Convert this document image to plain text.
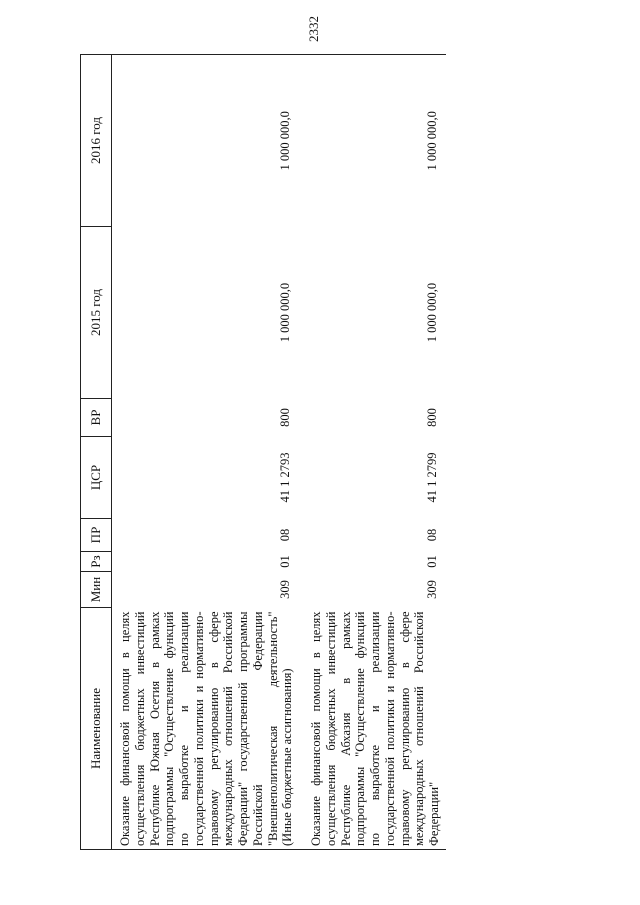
2332
Наименование	Мин	Рз	ПР	ЦСР	ВР	2015 год	2016 год
Оказание финансовой помощи в целях осуществления бюджетных инвестиций Республике Южная Осетия в рамках подпрограммы "Осуществление функций по выработке и реализации государственной политики и нормативно-правовому регулированию в сфере международных отношений Российской Федерации" государственной программы Российской Федерации "Внешнеполитическая деятельность" (Иные бюджетные ассигнования)	309	01	08	41 1 2793	800	1 000 000,0	1 000 000,0
Оказание финансовой помощи в целях осуществления бюджетных инвестиций Республике Абхазия в рамках подпрограммы "Осуществление функций по выработке и реализации государственной политики и нормативно-правовому регулированию в сфере международных отношений Российской Федерации"	309	01	08	41 1 2799	800	1 000 000,0	1 000 000,0
